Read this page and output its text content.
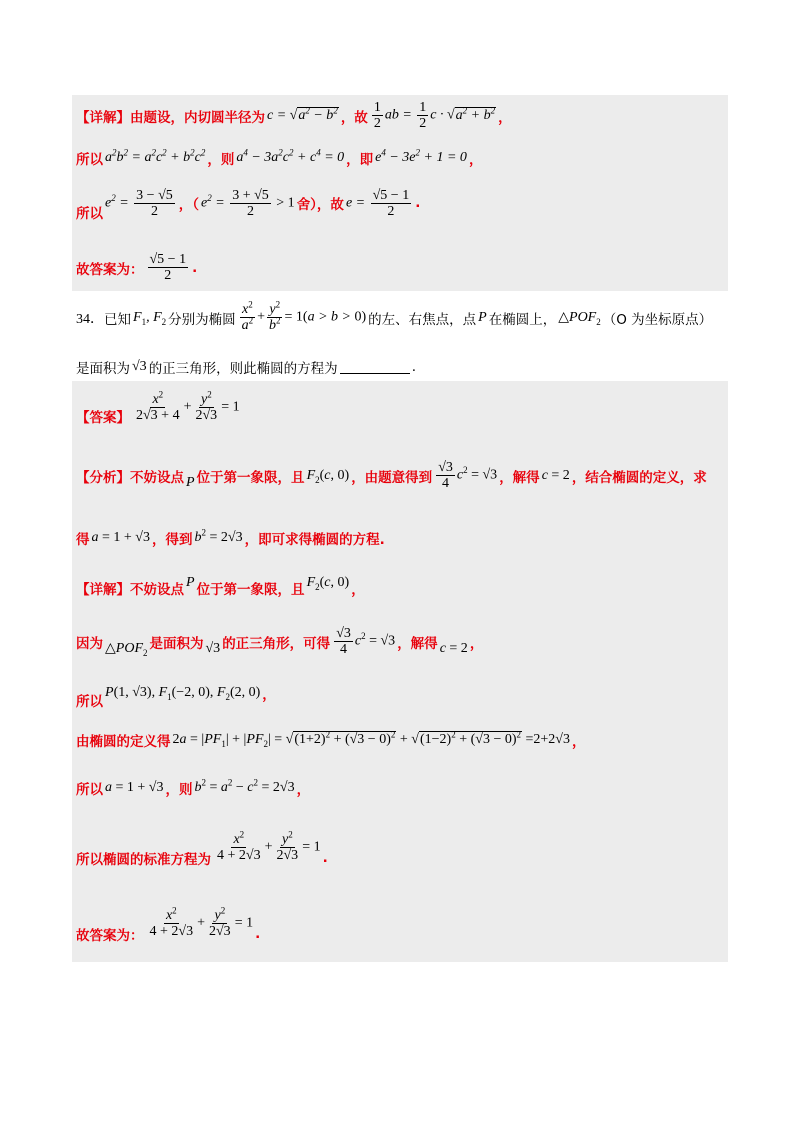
【详解】由题设，内切圆半径为 $c = √a^2 - b^2$ ，故 $\frac{1}{2}$ ab = $\frac{1}{2}$ $c \cdot √a^2 + b^2$ ，
所以 $a^2b^2 = a^2c^2 + b^2c^2$ ，则 $a^4 - 3a^2c^2 + c^4 = 0$ ，即 $e^4 - 3e^2 + 1 = 0$ ，
所以
$e^2 = \frac{3 - √5}{2}$ ，（ $e^2 = \frac{3 + √5}{2} > 1$ 舍），故 $e = \frac{√5 - 1}{2}$ .
故答案为： $\frac{√5 - 1}{2}$ .
34． 已知 $F_1$, $F_2$ 分别为椭圆 $\frac{x^2}{a^2} + \frac{y^2}{b^2} = 1(a > b > 0)$ 的左、右焦点，点 P 在椭圆上， $\triangle POF_2$ （O 为坐标原点）
是面积为 √3 的正三角形，则此椭圆的方程为	.
【答案】 $\frac{x^2}{2√3 + 4} + \frac{y^2}{2√3} = 1$
【分析】不妨设点 P 位于第一象限，且 $F_2(c$, 0) ，由题意得到 $\frac{√3}{4} c^2 = √3$ ，解得 c = 2 ，结合椭圆的定义，求
得 a = 1 + √3 ，得到 $b^2 = 2√3$ ，即可求得椭圆的方程.
【详解】不妨设点 P 位于第一象限，且 $F_2(c$, 0) ，
因为 $\triangle POF_2$
是面积为 √3 的正三角形，可得 $\frac{√3}{4} c^2 = √3$ ，解得 c = 2 ，
所以
P(1, √3), $F_1(-2$, 0), $F_2(2$, 0) ，
由椭圆的定义得 $2a = |PF_1| + |PF_2| = √(1+2)^2 + (√3 - 0)^2 + √(1-2)^2 + (√3 - 0)^2 =2+2√3$ ，
所以 a = 1 + √3 ，则 $b^2 = a^2 - c^2 = 2√3$ ，
所以椭圆的标准方程为 $\frac{x^2}{4 + 2√3} + \frac{y^2}{2√3} = 1$
.
故答案为： $\frac{x^2}{4 + 2√3} + \frac{y^2}{2√3} = 1$
.
